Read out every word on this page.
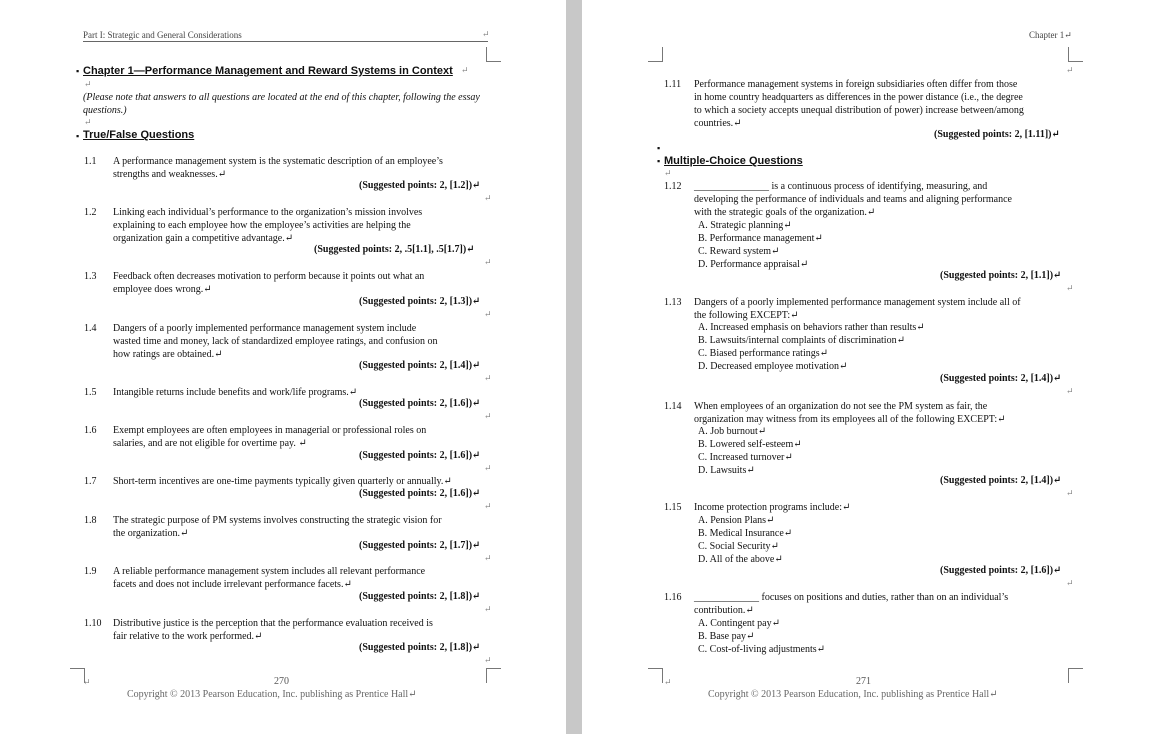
Part I: Strategic and General Considerations	↵
▪ Chapter 1—Performance Management and Reward Systems in Context ↵
↵
(Please note that answers to all questions are located at the end of this chapter, following the essay questions.)
↵
▪ True/False Questions
1.1 A performance management system is the systematic description of an employee’s
strengths and weaknesses.↵
(Suggested points: 2, [1.2])↵
↵
1.2 Linking each individual’s performance to the organization’s mission involves
explaining to each employee how the employee’s activities are helping the
organization gain a competitive advantage.↵
(Suggested points: 2, .5[1.1], .5[1.7])↵
↵
1.3 Feedback often decreases motivation to perform because it points out what an
employee does wrong.↵
(Suggested points: 2, [1.3])↵
↵
1.4 Dangers of a poorly implemented performance management system include
wasted time and money, lack of standardized employee ratings, and confusion on
how ratings are obtained.↵
(Suggested points: 2, [1.4])↵
↵
1.5 Intangible returns include benefits and work/life programs.↵
(Suggested points: 2, [1.6])↵
↵
1.6 Exempt employees are often employees in managerial or professional roles on
salaries, and are not eligible for overtime pay. ↵
(Suggested points: 2, [1.6])↵
↵
1.7 Short-term incentives are one-time payments typically given quarterly or annually.↵
(Suggested points: 2, [1.6])↵
↵
1.8 The strategic purpose of PM systems involves constructing the strategic vision for
the organization.↵
(Suggested points: 2, [1.7])↵
↵
1.9 A reliable performance management system includes all relevant performance
facets and does not include irrelevant performance facets.↵
(Suggested points: 2, [1.8])↵
↵
1.10 Distributive justice is the perception that the performance evaluation received is
fair relative to the work performed.↵
(Suggested points: 2, [1.8])↵
↵
↵	270
Copyright © 2013 Pearson Education, Inc. publishing as Prentice Hall↵
Chapter 1↵
↵
1.11 Performance management systems in foreign subsidiaries often differ from those
in home country headquarters as differences in the power distance (i.e., the degree
to which a society accepts unequal distribution of power) increase between/among
countries.↵
(Suggested points: 2, [1.11])↵
▪
▪ Multiple-Choice Questions
↵
1.12 _______________ is a continuous process of identifying, measuring, and
developing the performance of individuals and teams and aligning performance
with the strategic goals of the organization.↵
A. Strategic planning↵
B. Performance management↵
C. Reward system↵
D. Performance appraisal↵
(Suggested points: 2, [1.1])↵
↵
1.13 Dangers of a poorly implemented performance management system include all of
the following EXCEPT:↵
A. Increased emphasis on behaviors rather than results↵
B. Lawsuits/internal complaints of discrimination↵
C. Biased performance ratings↵
D. Decreased employee motivation↵
(Suggested points: 2, [1.4])↵
↵
1.14 When employees of an organization do not see the PM system as fair, the
organization may witness from its employees all of the following EXCEPT:↵
A. Job burnout↵
B. Lowered self-esteem↵
C. Increased turnover↵
D. Lawsuits↵
(Suggested points: 2, [1.4])↵
↵
1.15 Income protection programs include:↵
A. Pension Plans↵
B. Medical Insurance↵
C. Social Security↵
D. All of the above↵
(Suggested points: 2, [1.6])↵
↵
1.16 _____________ focuses on positions and duties, rather than on an individual’s
contribution.↵
A. Contingent pay↵
B. Base pay↵
C. Cost-of-living adjustments↵
↵	271
Copyright © 2013 Pearson Education, Inc. publishing as Prentice Hall↵
